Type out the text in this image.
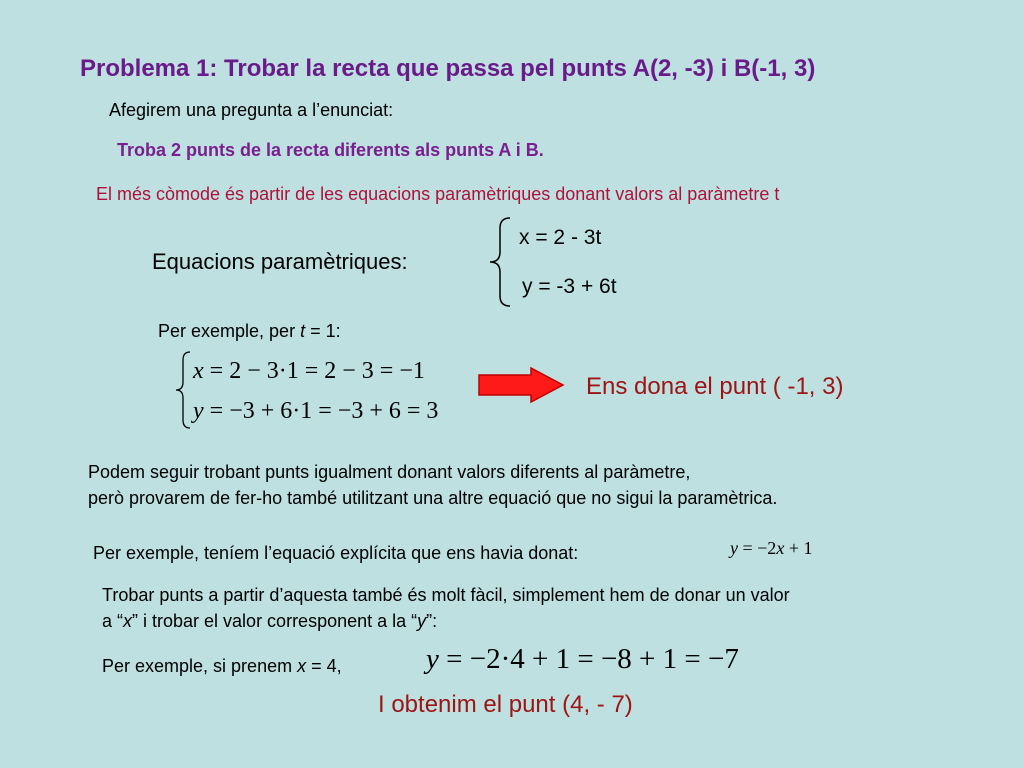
Problema 1: Trobar la recta que passa pel punts A(2, -3) i B(-1, 3)
Afegirem una pregunta a l’enunciat:
Troba 2 punts de la recta diferents als punts A i B.
El més còmode és partir de les equacions paramètriques donant valors al paràmetre t
Equacions paramètriques:
x = 2 - 3t
y = -3 + 6t
Per exemple, per t = 1:
x = 2 − 3·1 = 2 − 3 = −1
y = −3 + 6·1 = −3 + 6 = 3
Ens dona el punt ( -1, 3)
Podem seguir trobant punts igualment donant valors diferents al paràmetre,
però provarem de fer-ho també utilitzant una altre equació que no sigui la paramètrica.
Per exemple, teníem l’equació explícita que ens havia donat:	y = −2x + 1
Trobar punts a partir d’aquesta també és molt fàcil, simplement hem de donar un valor
a “x” i trobar el valor corresponent a la “y”:
Per exemple, si prenem x = 4,	y = −2·4 + 1 = −8 + 1 = −7
I obtenim el punt (4, - 7)
